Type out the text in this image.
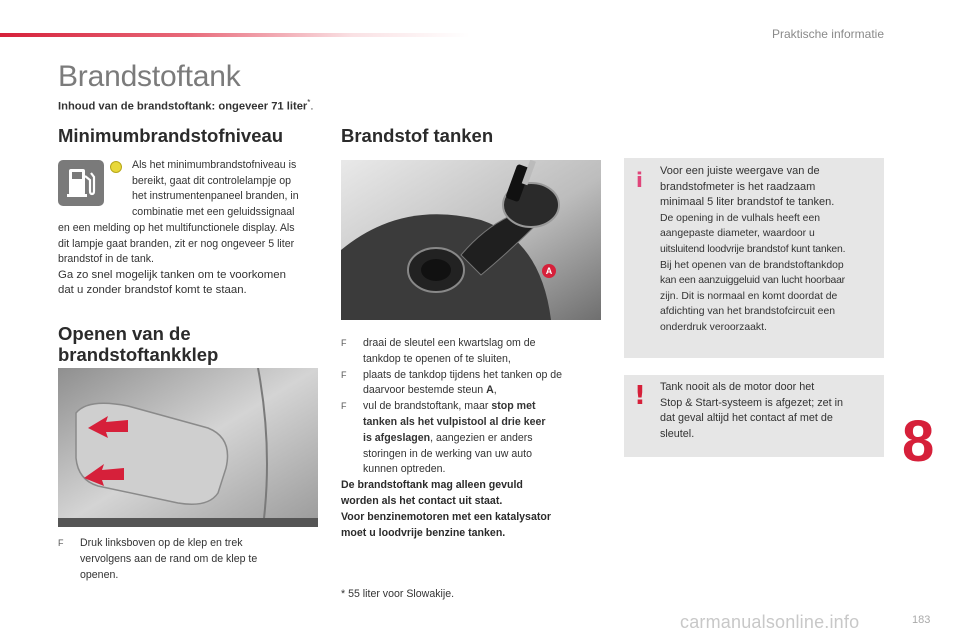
Praktische informatie
Brandstoftank
Inhoud van de brandstoftank: ongeveer 71 liter*.
Minimumbrandstofniveau

Als het minimumbrandstofniveau is

bereikt, gaat dit controlelampje op

het instrumentenpaneel branden, in

combinatie met een geluidssignaal

en een melding op het multifunctionele display. Als

dit lampje gaat branden, zit er nog ongeveer 5 liter

brandstof in de tank.

Ga zo snel mogelijk tanken om te voorkomen

dat u zonder brandstof komt te staan.

Openen van de
brandstoftankklep
F Druk linksboven op de klep en trek
vervolgens aan de rand om de klep te
openen.
Brandstof tanken
A
F draai de sleutel een kwartslag om de
tankdop te openen of te sluiten,
F plaats de tankdop tijdens het tanken op de
daarvoor bestemde steun A,
F vul de brandstoftank, maar stop met
tanken als het vulpistool al drie keer
is afgeslagen, aangezien er anders
storingen in de werking van uw auto
kunnen optreden.
De brandstoftank mag alleen gevuld
worden als het contact uit staat.
Voor benzinemotoren met een katalysator
moet u loodvrije benzine tanken.
* 55 liter voor Slowakije.
i Voor een juiste weergave van de
brandstofmeter is het raadzaam
minimaal 5 liter brandstof te tanken.
De opening in de vulhals heeft een
aangepaste diameter, waardoor u
uitsluitend loodvrije brandstof kunt tanken.
Bij het openen van de brandstoftankdop
kan een aanzuiggeluid van lucht hoorbaar
zijn. Dit is normaal en komt doordat de
afdichting van het brandstofcircuit een
onderdruk veroorzaakt.
! Tank nooit als de motor door het
Stop & Start-systeem is afgezet; zet in
dat geval altijd het contact af met de
sleutel.	8
carmanualsonline.info	183
